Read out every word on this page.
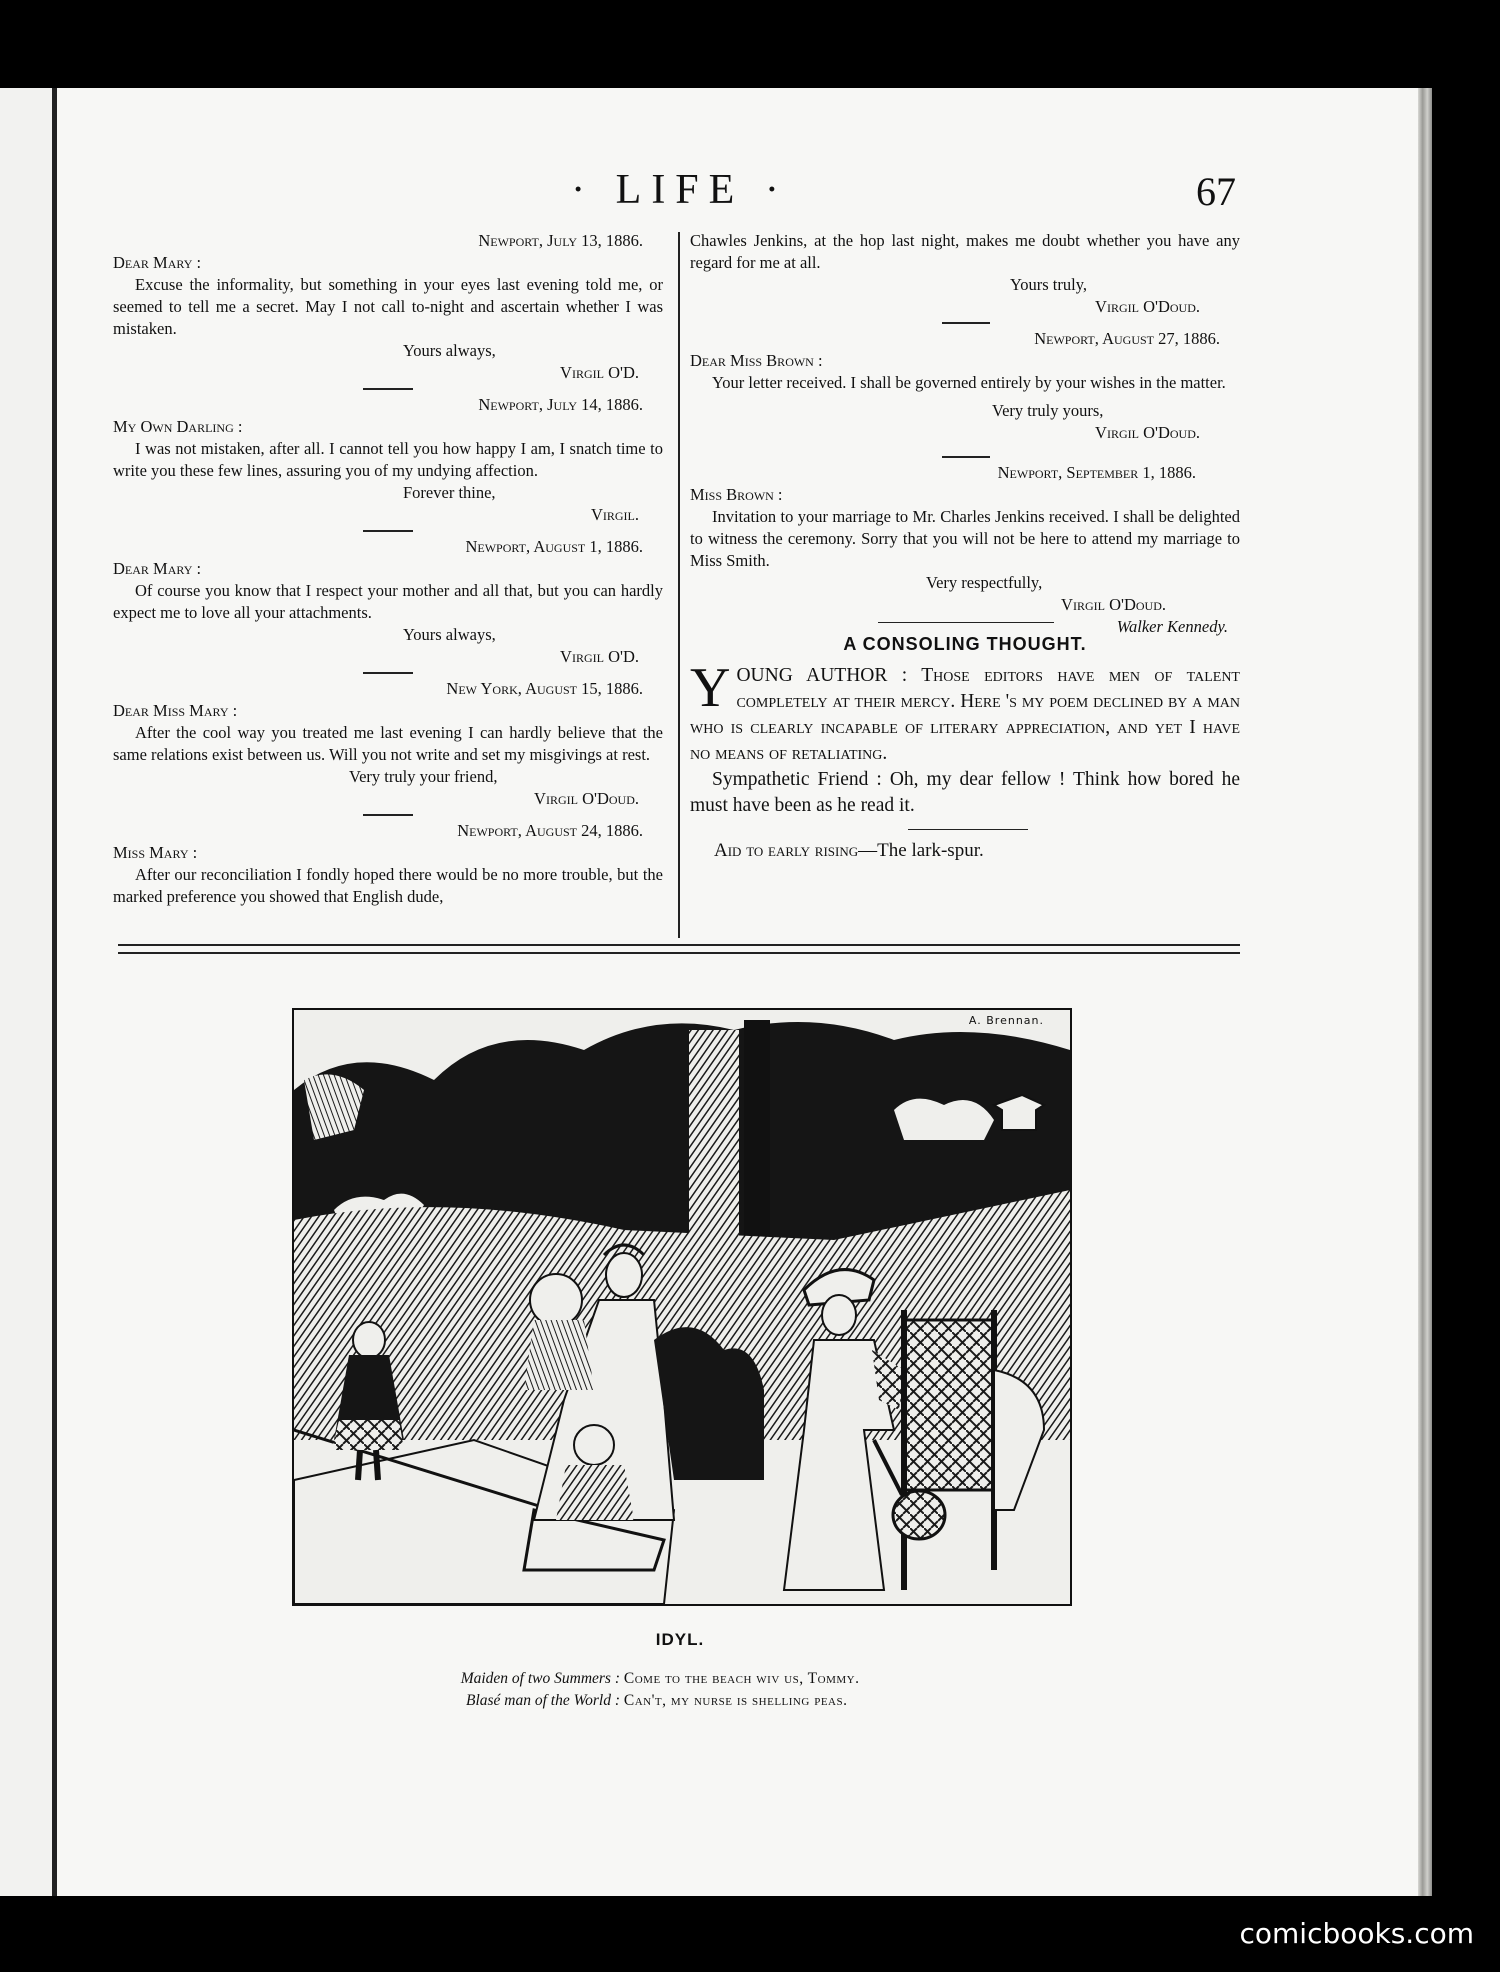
· LIFE ·	67
Newport, July 13, 1886.
Dear Mary :
Excuse the informality, but something in your eyes last evening told me, or seemed to tell me a secret. May I not call to-night and ascertain whether I was mistaken.
Yours always,
Virgil O'D.
Newport, July 14, 1886.
My Own Darling :
I was not mistaken, after all. I cannot tell you how happy I am, I snatch time to write you these few lines, assuring you of my undying affection.
Forever thine,
Virgil.
Newport, August 1, 1886.
Dear Mary :
Of course you know that I respect your mother and all that, but you can hardly expect me to love all your attachments.
Yours always,
Virgil O'D.
New York, August 15, 1886.
Dear Miss Mary :
After the cool way you treated me last evening I can hardly believe that the same relations exist between us. Will you not write and set my misgivings at rest.
Very truly your friend,
Virgil O'Doud.
Newport, August 24, 1886.
Miss Mary :
After our reconciliation I fondly hoped there would be no more trouble, but the marked preference you showed that English dude,
Chawles Jenkins, at the hop last night, makes me doubt whether you have any regard for me at all.
Yours truly,
Virgil O'Doud.
Newport, August 27, 1886.
Dear Miss Brown :
Your letter received. I shall be governed entirely by your wishes in the matter.
Very truly yours,
Virgil O'Doud.
Newport, September 1, 1886.
Miss Brown :
Invitation to your marriage to Mr. Charles Jenkins received. I shall be delighted to witness the ceremony. Sorry that you will not be here to attend my marriage to Miss Smith.
Very respectfully,
Virgil O'Doud.
Walker Kennedy.
A CONSOLING THOUGHT.
YOUNG AUTHOR : Those editors have men of talent completely at their mercy. Here 's my poem declined by a man who is clearly incapable of literary appreciation, and yet I have no means of retaliating.
Sympathetic Friend : Oh, my dear fellow ! Think how bored he must have been as he read it.
Aid to early rising—The lark-spur.
A. Brennan.
IDYL.
Maiden of two Summers : Come to the beach wiv us, Tommy.
Blasé man of the World : Can't, my nurse is shelling peas.
comicbooks.com
